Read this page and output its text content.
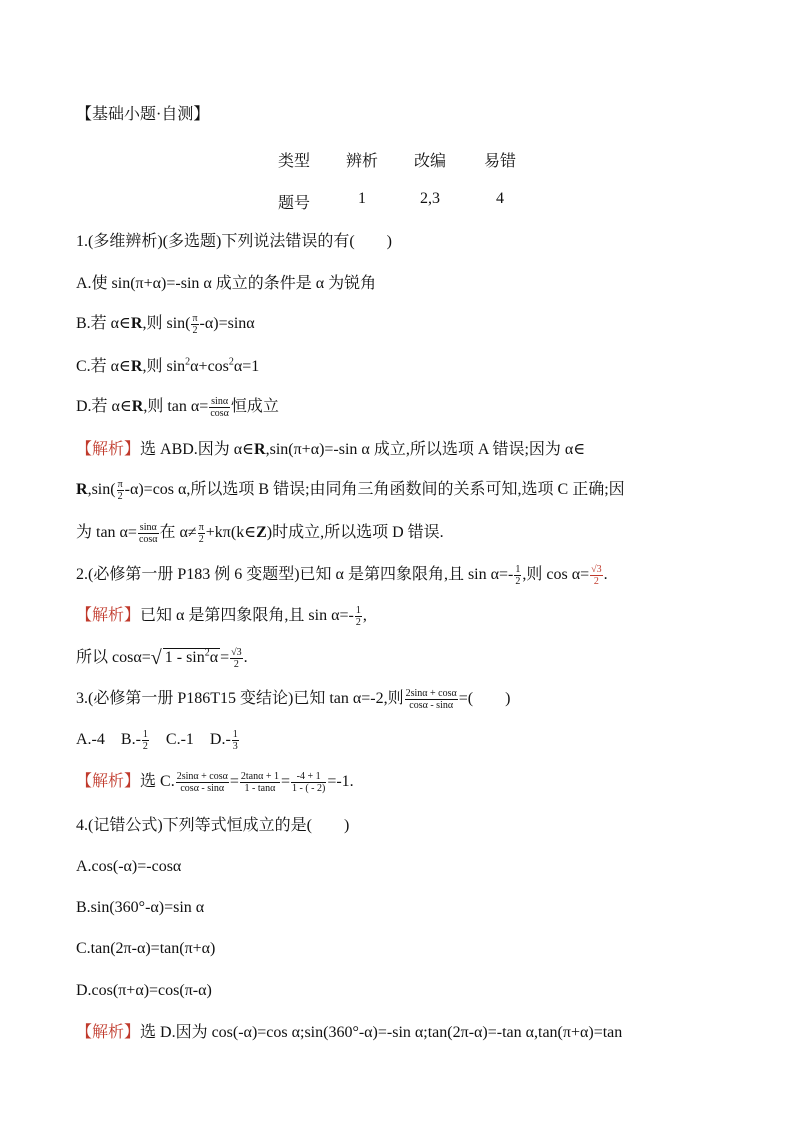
【基础小题·自测】
类型	辨析	改编	易错
题号	1	2,3	4
1.(多维辨析)(多选题)下列说法错误的有(　　)
A.使 sin(π+α)=-sin α 成立的条件是 α 为锐角
B.若 α∈R,则 $\sin( \frac{\pi}{2} -\alpha)=\sin\alpha$
C.若 α∈R,则 $\sin^2\alpha+\cos^2\alpha=1$
D.若 α∈R,则 $\tan \alpha= \frac{\sin\alpha}{\cos\alpha}$ 恒成立
【解析】选 ABD.因为 α∈R,sin(π+α)=-sin α 成立,所以选项 A 错误;因为 α∈
$R,\sin( \frac{\pi}{2} -\alpha)=\cos$ α,所以选项 B 错误;由同角三角函数间的关系可知,选项 C 正确;因
为 $\tan \alpha= \frac{\sin\alpha}{\cos\alpha}$ 在 $\alpha\ne \frac{\pi}{2}$ +kπ(k∈Z)时成立,所以选项 D 错误.
2.(必修第一册 P183 例 6 变题型)已知 α 是第四象限角,且 $\sin \alpha=- \frac{1}{2}$ ,则 $\cos \alpha= \frac{√3}{2}$ .
【解析】已知 α 是第四象限角,且 $\sin \alpha=- \frac{1}{2}$ ,
所以 cosα=√ $1 - \sin^2\alpha = \frac{√3}{2}$ .
3.(必修第一册 P186T15 变结论)已知 tan α=-2,则 $\frac{2\sin\alpha + \cos\alpha}{\cos\alpha - \sin\alpha}$ =(　　)
A.-4 $B.- \frac{1}{2} C.-1$ $D.- \frac{1}{3}$
【解析】选 C. $\frac{2\sin\alpha + \cos\alpha}{\cos\alpha - \sin\alpha} = \frac{2\tan\alpha + 1}{1 - \tan\alpha} = \frac{-4 + 1}{1 - ( - 2)} =-1$.
4.(记错公式)下列等式恒成立的是(　　)
A.cos(-α)=-cosα
B.sin(360°-α)=sin α
C.tan(2π-α)=tan(π+α)
D.cos(π+α)=cos(π-α)
【解析】选 D.因为 cos(-α)=cos α;sin(360°-α)=-sin α;tan(2π-α)=-tan α,tan(π+α)=tan
